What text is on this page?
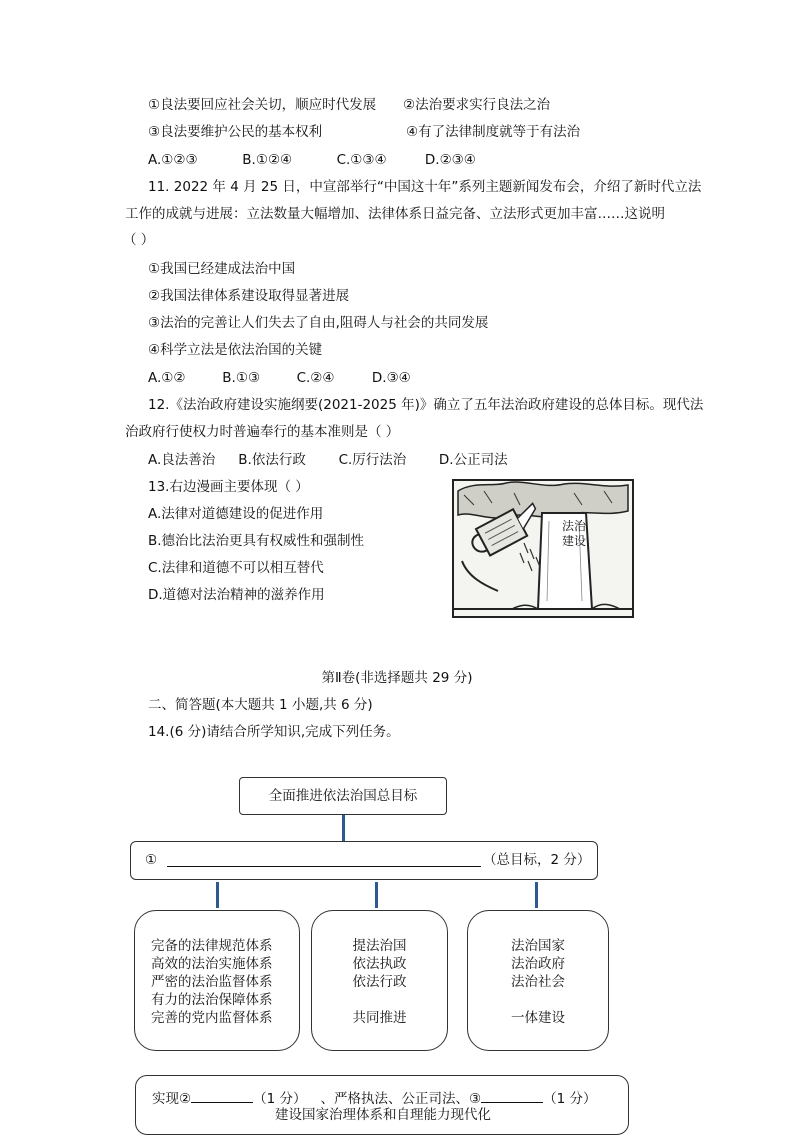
①良法要回应社会关切，顺应时代发展 ②法治要求实行良法之治
③良法要维护公民的基本权利	④有了法律制度就等于有法治
A.①②③	B.①②④	C.①③④	D.②③④
11. 2022 年 4 月 25 日，中宣部举行“中国这十年”系列主题新闻发布会，介绍了新时代立法
工作的成就与进展：立法数量大幅增加、法律体系日益完备、立法形式更加丰富……这说明
（ ）
①我国已经建成法治中国
②我国法律体系建设取得显著进展
③法治的完善让人们失去了自由,阻碍人与社会的共同发展
④科学立法是依法治国的关键
A.①②	B.①③	C.②④	D.③④
12.《法治政府建设实施纲要(2021-2025 年)》确立了五年法治政府建设的总体目标。现代法
治政府行使权力时普遍奉行的基本准则是（ ）
A.良法善治 B.依法行政 C.厉行法治 D.公正司法
13.右边漫画主要体现（ ）
A.法律对道德建设的促进作用
B.德治比法治更具有权威性和强制性
C.法律和道德不可以相互替代
D.道德对法治精神的滋养作用
法治
建设
第Ⅱ卷(非选择题共 29 分)
二、简答题(本大题共 1 小题,共 6 分)
14.(6 分)请结合所学知识,完成下列任务。
全面推进依法治国总目标
①	（总目标，2 分）
完备的法律规范体系
高效的法治实施体系
严密的法治监督体系
有力的法治保障体系
完善的党内监督体系
提法治国
依法执政
依法行政
共同推进
法治国家
法治政府
法治社会
一体建设
实现②	（1 分） 、严格执法、公正司法、③	（1 分）
建设国家治理体系和自理能力现代化
